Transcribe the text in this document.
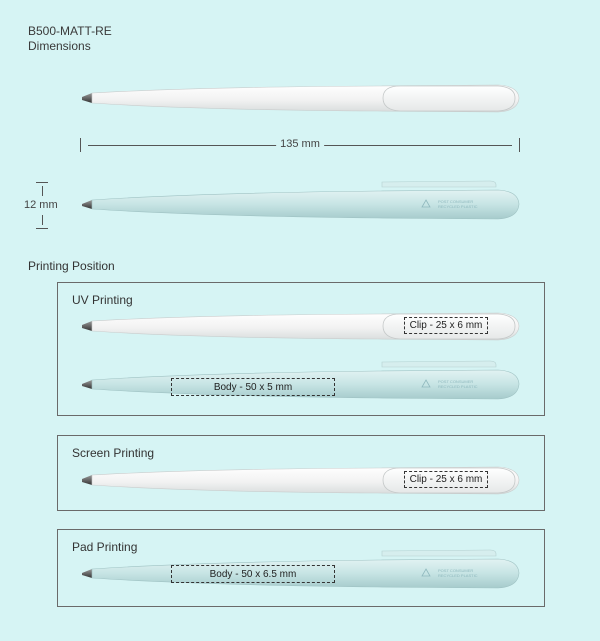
B500-MATT-RE
Dimensions
135 mm
12 mm	POST CONSUMER
RECYCLED PLASTIC
Printing Position
UV Printing
Clip - 25 x 6 mm
POST CONSUMER
RECYCLED PLASTIC
Body - 50 x 5 mm
Screen Printing
Clip - 25 x 6 mm
Pad Printing
POST CONSUMER
RECYCLED PLASTIC
Body - 50 x 6.5 mm
